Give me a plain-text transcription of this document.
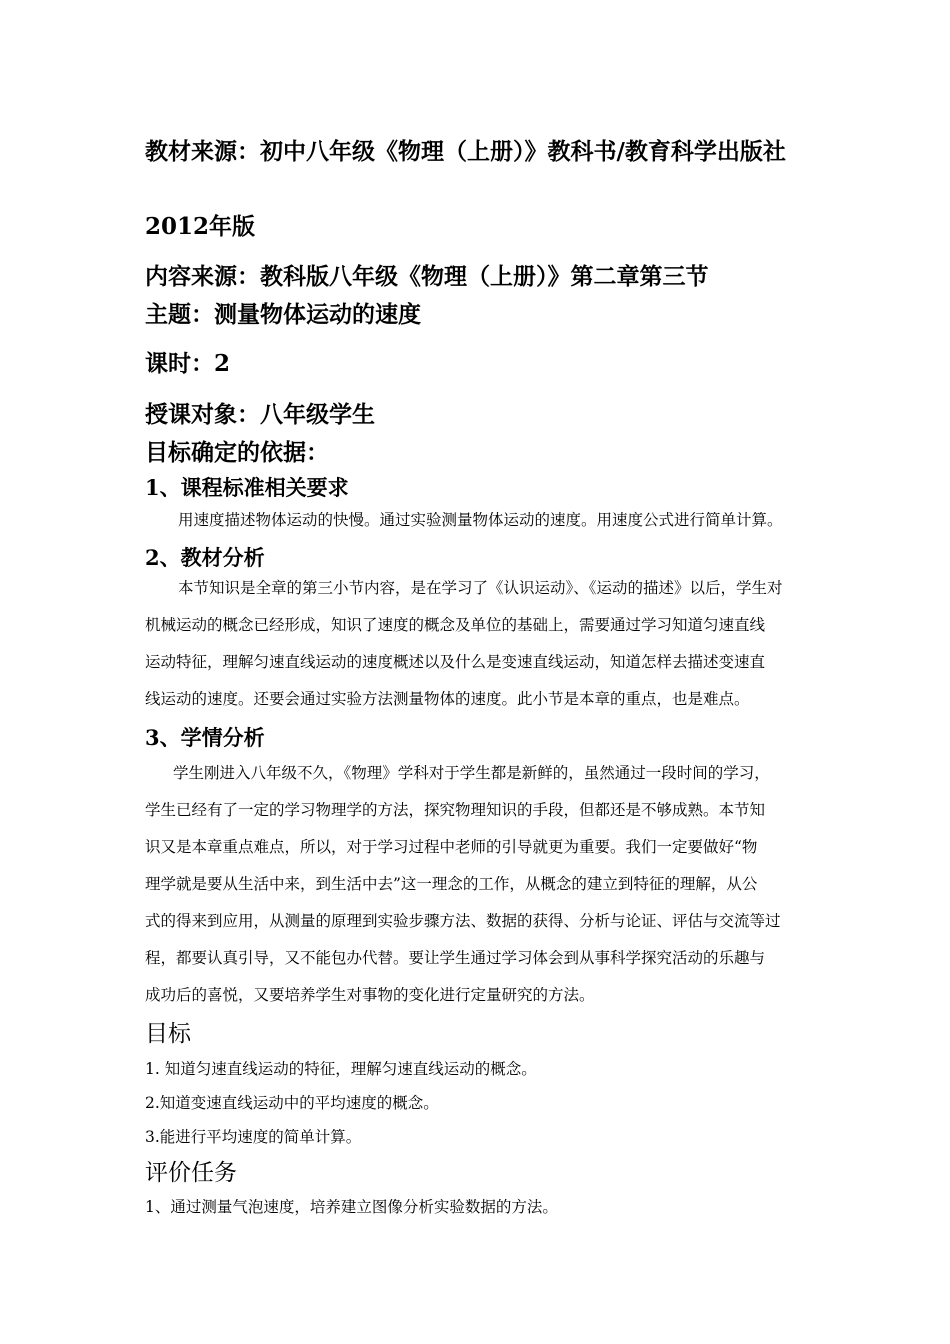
教材来源：初中八年级《物理（上册）》教科书/教育科学出版社
2012年版
内容来源：教科版八年级《物理（上册）》第二章第三节
主题：测量物体运动的速度
课时：2
授课对象：八年级学生
目标确定的依据：
1、课程标准相关要求

用速度描述物体运动的快慢。通过实验测量物体运动的速度。用速度公式进行简单计算。

2、教材分析

本节知识是全章的第三小节内容，是在学习了《认识运动》、《运动的描述》以后，学生对

机械运动的概念已经形成，知识了速度的概念及单位的基础上，需要通过学习知道匀速直线

运动特征，理解匀速直线运动的速度概述以及什么是变速直线运动，知道怎样去描述变速直

线运动的速度。还要会通过实验方法测量物体的速度。此小节是本章的重点，也是难点。

3、学情分析

学生刚进入八年级不久，《物理》学科对于学生都是新鲜的，虽然通过一段时间的学习，

学生已经有了一定的学习物理学的方法，探究物理知识的手段，但都还是不够成熟。本节知

识又是本章重点难点，所以，对于学习过程中老师的引导就更为重要。我们一定要做好“物

理学就是要从生活中来，到生活中去”这一理念的工作，从概念的建立到特征的理解，从公

式的得来到应用，从测量的原理到实验步骤方法、数据的获得、分析与论证、评估与交流等过

程，都要认真引导，又不能包办代替。要让学生通过学习体会到从事科学探究活动的乐趣与

成功后的喜悦，又要培养学生对事物的变化进行定量研究的方法。

目标
1. 知道匀速直线运动的特征，理解匀速直线运动的概念。
2.知道变速直线运动中的平均速度的概念。
3.能进行平均速度的简单计算。
评价任务
1、通过测量气泡速度，培养建立图像分析实验数据的方法。
